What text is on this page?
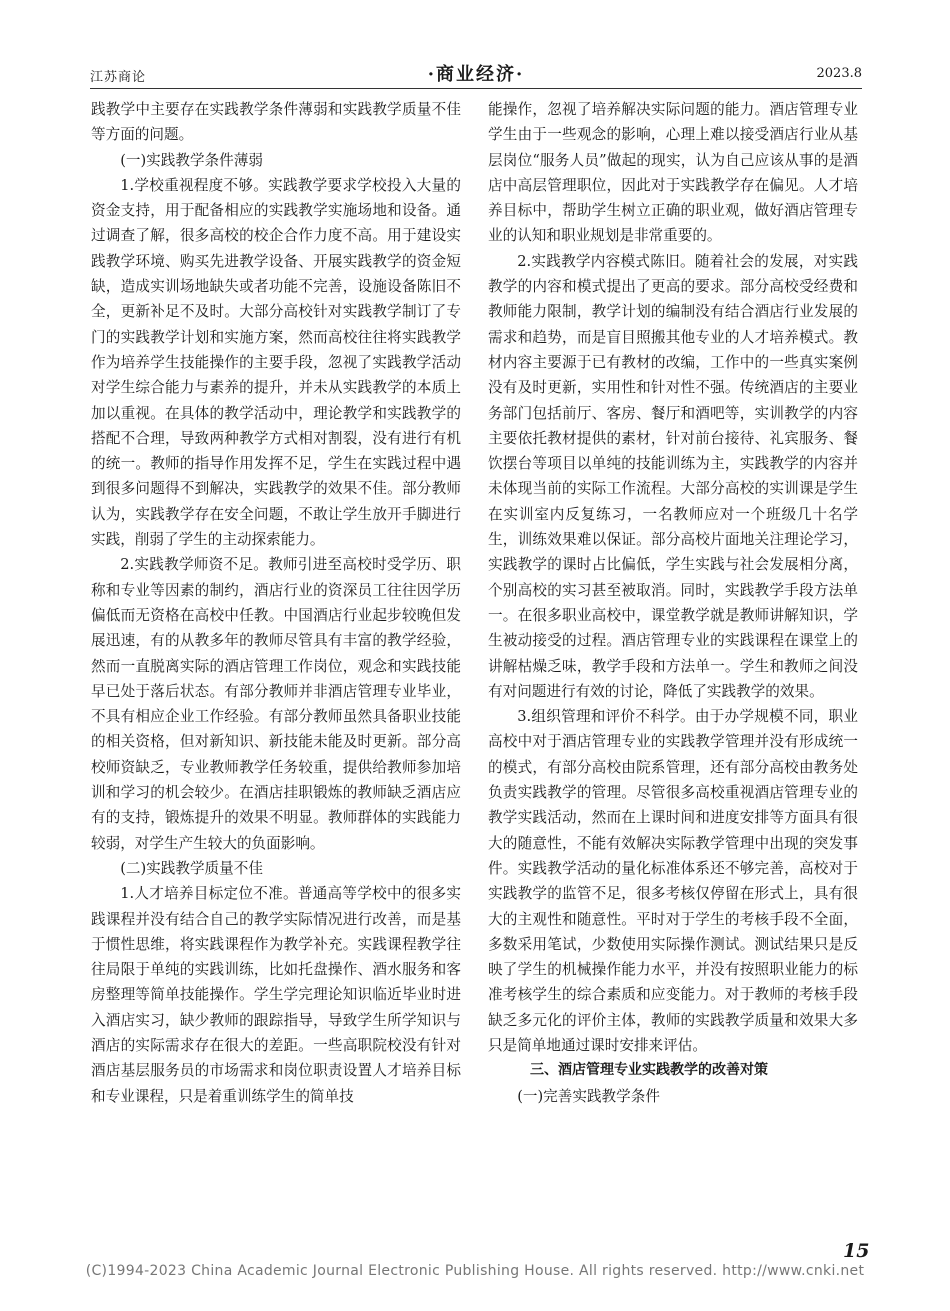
江苏商论	·商业经济·	2023.8

践教学中主要存在实践教学条件薄弱和实践教学质量不佳等方面的问题。

(一)实践教学条件薄弱

1.学校重视程度不够。实践教学要求学校投入大量的资金支持，用于配备相应的实践教学实施场地和设备。通过调查了解，很多高校的校企合作力度不高。用于建设实践教学环境、购买先进教学设备、开展实践教学的资金短缺，造成实训场地缺失或者功能不完善，设施设备陈旧不全，更新补足不及时。大部分高校针对实践教学制订了专门的实践教学计划和实施方案，然而高校往往将实践教学作为培养学生技能操作的主要手段，忽视了实践教学活动对学生综合能力与素养的提升，并未从实践教学的本质上加以重视。在具体的教学活动中，理论教学和实践教学的搭配不合理，导致两种教学方式相对割裂，没有进行有机的统一。教师的指导作用发挥不足，学生在实践过程中遇到很多问题得不到解决，实践教学的效果不佳。部分教师认为，实践教学存在安全问题，不敢让学生放开手脚进行实践，削弱了学生的主动探索能力。

2.实践教学师资不足。教师引进至高校时受学历、职称和专业等因素的制约，酒店行业的资深员工往往因学历偏低而无资格在高校中任教。中国酒店行业起步较晚但发展迅速，有的从教多年的教师尽管具有丰富的教学经验，然而一直脱离实际的酒店管理工作岗位，观念和实践技能早已处于落后状态。有部分教师并非酒店管理专业毕业，不具有相应企业工作经验。有部分教师虽然具备职业技能的相关资格，但对新知识、新技能未能及时更新。部分高校师资缺乏，专业教师教学任务较重，提供给教师参加培训和学习的机会较少。在酒店挂职锻炼的教师缺乏酒店应有的支持，锻炼提升的效果不明显。教师群体的实践能力较弱，对学生产生较大的负面影响。

(二)实践教学质量不佳

1.人才培养目标定位不准。普通高等学校中的很多实践课程并没有结合自己的教学实际情况进行改善，而是基于惯性思维，将实践课程作为教学补充。实践课程教学往往局限于单纯的实践训练，比如托盘操作、酒水服务和客房整理等简单技能操作。学生学完理论知识临近毕业时进入酒店实习，缺少教师的跟踪指导，导致学生所学知识与酒店的实际需求存在很大的差距。一些高职院校没有针对酒店基层服务员的市场需求和岗位职责设置人才培养目标和专业课程，只是着重训练学生的简单技

能操作，忽视了培养解决实际问题的能力。酒店管理专业学生由于一些观念的影响，心理上难以接受酒店行业从基层岗位“服务人员”做起的现实，认为自己应该从事的是酒店中高层管理职位，因此对于实践教学存在偏见。人才培养目标中，帮助学生树立正确的职业观，做好酒店管理专业的认知和职业规划是非常重要的。

2.实践教学内容模式陈旧。随着社会的发展，对实践教学的内容和模式提出了更高的要求。部分高校受经费和教师能力限制，教学计划的编制没有结合酒店行业发展的需求和趋势，而是盲目照搬其他专业的人才培养模式。教材内容主要源于已有教材的改编，工作中的一些真实案例没有及时更新，实用性和针对性不强。传统酒店的主要业务部门包括前厅、客房、餐厅和酒吧等，实训教学的内容主要依托教材提供的素材，针对前台接待、礼宾服务、餐饮摆台等项目以单纯的技能训练为主，实践教学的内容并未体现当前的实际工作流程。大部分高校的实训课是学生在实训室内反复练习，一名教师应对一个班级几十名学生，训练效果难以保证。部分高校片面地关注理论学习，实践教学的课时占比偏低，学生实践与社会发展相分离，个别高校的实习甚至被取消。同时，实践教学手段方法单一。在很多职业高校中，课堂教学就是教师讲解知识，学生被动接受的过程。酒店管理专业的实践课程在课堂上的讲解枯燥乏味，教学手段和方法单一。学生和教师之间没有对问题进行有效的讨论，降低了实践教学的效果。

3.组织管理和评价不科学。由于办学规模不同，职业高校中对于酒店管理专业的实践教学管理并没有形成统一的模式，有部分高校由院系管理，还有部分高校由教务处负责实践教学的管理。尽管很多高校重视酒店管理专业的教学实践活动，然而在上课时间和进度安排等方面具有很大的随意性，不能有效解决实际教学管理中出现的突发事件。实践教学活动的量化标准体系还不够完善，高校对于实践教学的监管不足，很多考核仅停留在形式上，具有很大的主观性和随意性。平时对于学生的考核手段不全面，多数采用笔试，少数使用实际操作测试。测试结果只是反映了学生的机械操作能力水平，并没有按照职业能力的标准考核学生的综合素质和应变能力。对于教师的考核手段缺乏多元化的评价主体，教师的实践教学质量和效果大多只是简单地通过课时安排来评估。

三、酒店管理专业实践教学的改善对策

(一)完善实践教学条件

15
(C)1994-2023 China Academic Journal Electronic Publishing House. All rights reserved. http://www.cnki.net
